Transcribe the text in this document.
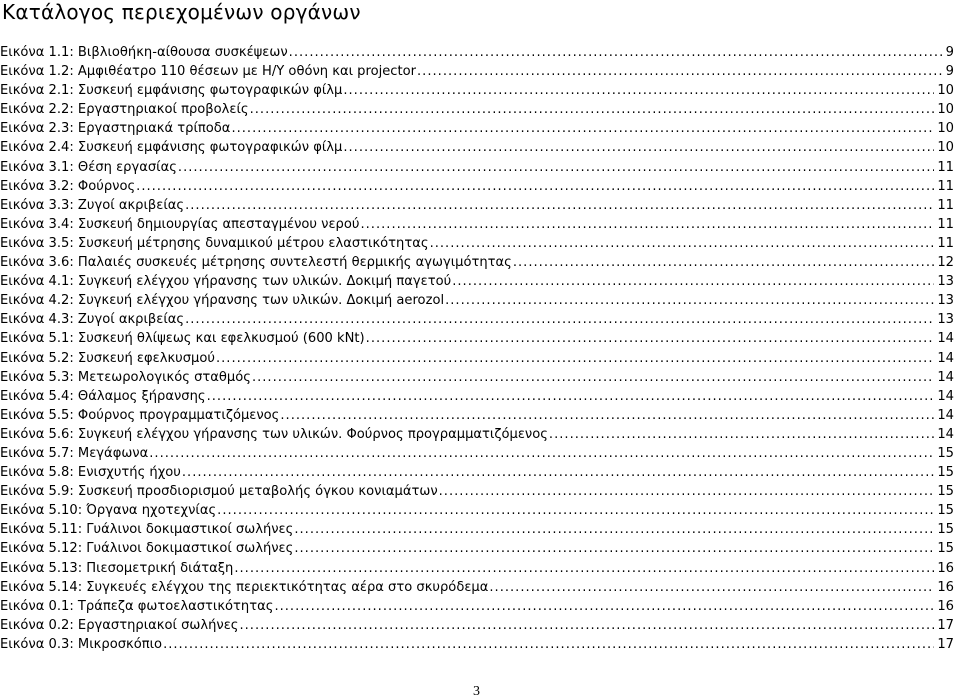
Κατάλογος περιεχομένων οργάνων
Εικόνα 1.1: Βιβλιοθήκη-αίθουσα συσκέψεων .....	9
Εικόνα 1.2: Αμφιθέατρο 110 θέσεων με Η/Υ οθόνη και projector .....	9
Εικόνα 2.1: Συσκευή εμφάνισης φωτογραφικών φίλμ .....	10
Εικόνα 2.2: Εργαστηριακοί προβολείς .....	10
Εικόνα 2.3: Εργαστηριακά τρίποδα .....	10
Εικόνα 2.4: Συσκευή εμφάνισης φωτογραφικών φίλμ .....	10
Εικόνα 3.1: Θέση εργασίας .....	11
Εικόνα 3.2: Φούρνος .....	11
Εικόνα 3.3: Ζυγοί ακριβείας .....	11
Εικόνα 3.4: Συσκευή δημιουργίας απεσταγμένου νερού .....	11
Εικόνα 3.5: Συσκευή μέτρησης δυναμικού μέτρου ελαστικότητας .....	11
Εικόνα 3.6: Παλαιές συσκευές μέτρησης συντελεστή θερμικής αγωγιμότητας .....	12
Εικόνα 4.1: Συγκευή ελέγχου γήρανσης των υλικών. Δοκιμή παγετού .....	13
Εικόνα 4.2: Συγκευή ελέγχου γήρανσης των υλικών. Δοκιμή aerozol .....	13
Εικόνα 4.3: Ζυγοί ακριβείας .....	13
Εικόνα 5.1: Συσκευή θλίψεως και εφελκυσμού (600 kNt) .....	14
Εικόνα 5.2: Συσκευή εφελκυσμού .....	14
Εικόνα 5.3: Μετεωρολογικός σταθμός .....	14
Εικόνα 5.4: Θάλαμος ξήρανσης .....	14
Εικόνα 5.5: Φούρνος προγραμματιζόμενος .....	14
Εικόνα 5.6: Συγκευή ελέγχου γήρανσης των υλικών. Φούρνος προγραμματιζόμενος .....	14
Εικόνα 5.7: Μεγάφωνα .....	15
Εικόνα 5.8: Ενισχυτής ήχου .....	15
Εικόνα 5.9: Συσκευή προσδιορισμού μεταβολής όγκου κονιαμάτων .....	15
Εικόνα 5.10: Όργανα ηχοτεχνίας .....	15
Εικόνα 5.11: Γυάλινοι δοκιμαστικοί σωλήνες .....	15
Εικόνα 5.12: Γυάλινοι δοκιμαστικοί σωλήνες .....	15
Εικόνα 5.13: Πιεσομετρική διάταξη .....	16
Εικόνα 5.14: Συγκευές ελέγχου της περιεκτικότητας αέρα στο σκυρόδεμα .....	16
Εικόνα 0.1: Τράπεζα φωτοελαστικότητας .....	16
Εικόνα 0.2: Εργαστηριακοί σωλήνες .....	17
Εικόνα 0.3: Μικροσκόπιο .....	17
3
